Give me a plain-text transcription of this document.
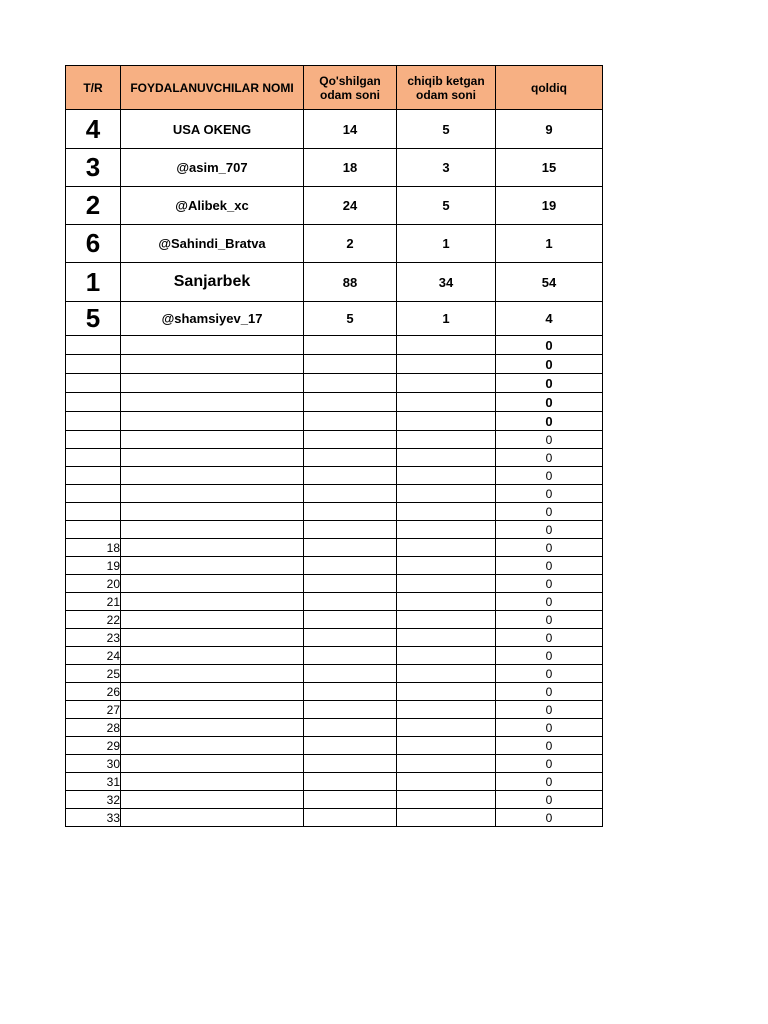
T/R	FOYDALANUVCHILAR NOMI	Qo'shilgan odam soni	chiqib ketgan odam soni	qoldiq
4	USA OKENG	14	5	9
3	@asim_707	18	3	15
2	@Alibek_xc	24	5	19
6	@Sahindi_Bratva	2	1	1
1	Sanjarbek	88	34	54
5	@shamsiyev_17	5	1	4
				0
				0
				0
				0
				0
				0
				0
				0
				0
				0
				0
18				0
19				0
20				0
21				0
22				0
23				0
24				0
25				0
26				0
27				0
28				0
29				0
30				0
31				0
32				0
33				0
